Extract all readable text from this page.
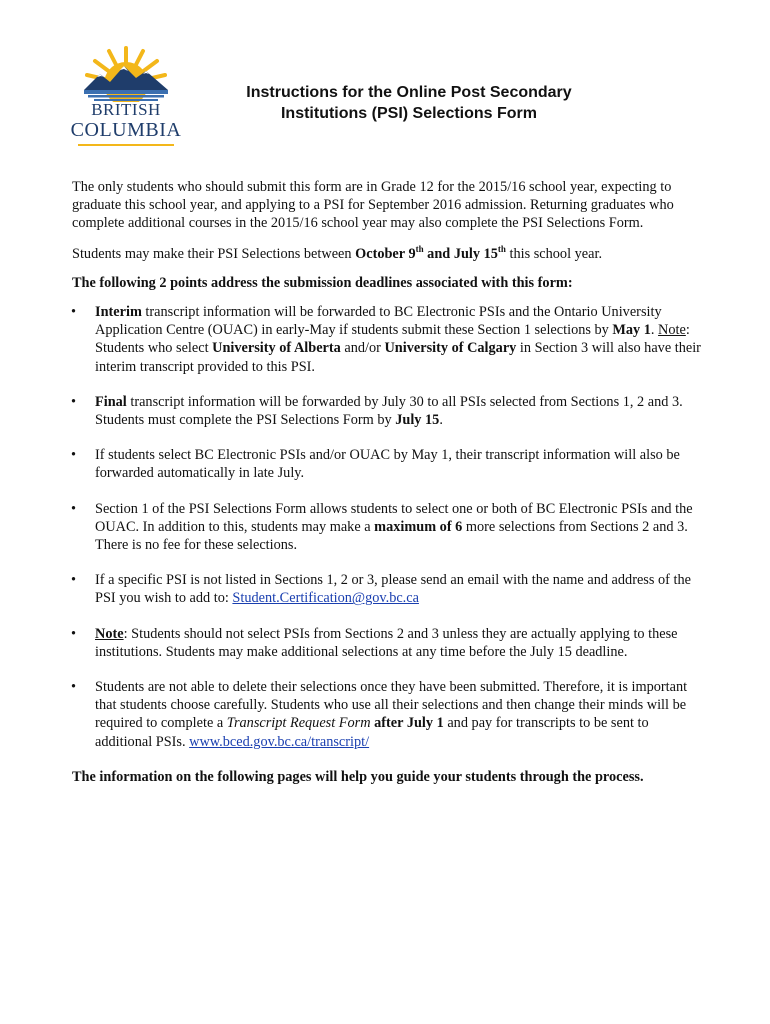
BRITISH
COLUMBIA
Instructions for the Online Post Secondary
Institutions (PSI) Selections Form

The only students who should submit this form are in Grade 12 for the 2015/16 school year, expecting to graduate this school year, and applying to a PSI for September 2016 admission. Returning graduates who complete additional courses in the 2015/16 school year may also complete the PSI Selections Form.

Students may make their PSI Selections between October 9th and July 15th this school year.

The following 2 points address the submission deadlines associated with this form:

• Interim transcript information will be forwarded to BC Electronic PSIs and the Ontario University Application Centre (OUAC) in early-May if students submit these Section 1 selections by May 1. Note: Students who select University of Alberta and/or University of Calgary in Section 3 will also have their interim transcript provided to this PSI.
• Final transcript information will be forwarded by July 30 to all PSIs selected from Sections 1, 2 and 3. Students must complete the PSI Selections Form by July 15.
• If students select BC Electronic PSIs and/or OUAC by May 1, their transcript information will also be forwarded automatically in late July.
• Section 1 of the PSI Selections Form allows students to select one or both of BC Electronic PSIs and the OUAC. In addition to this, students may make a maximum of 6 more selections from Sections 2 and 3. There is no fee for these selections.
• If a specific PSI is not listed in Sections 1, 2 or 3, please send an email with the name and address of the PSI you wish to add to: Student.Certification@gov.bc.ca
• Note: Students should not select PSIs from Sections 2 and 3 unless they are actually applying to these institutions. Students may make additional selections at any time before the July 15 deadline.
• Students are not able to delete their selections once they have been submitted. Therefore, it is important that students choose carefully. Students who use all their selections and then change their minds will be required to complete a Transcript Request Form after July 1 and pay for transcripts to be sent to additional PSIs. www.bced.gov.bc.ca/transcript/

The information on the following pages will help you guide your students through the process.
